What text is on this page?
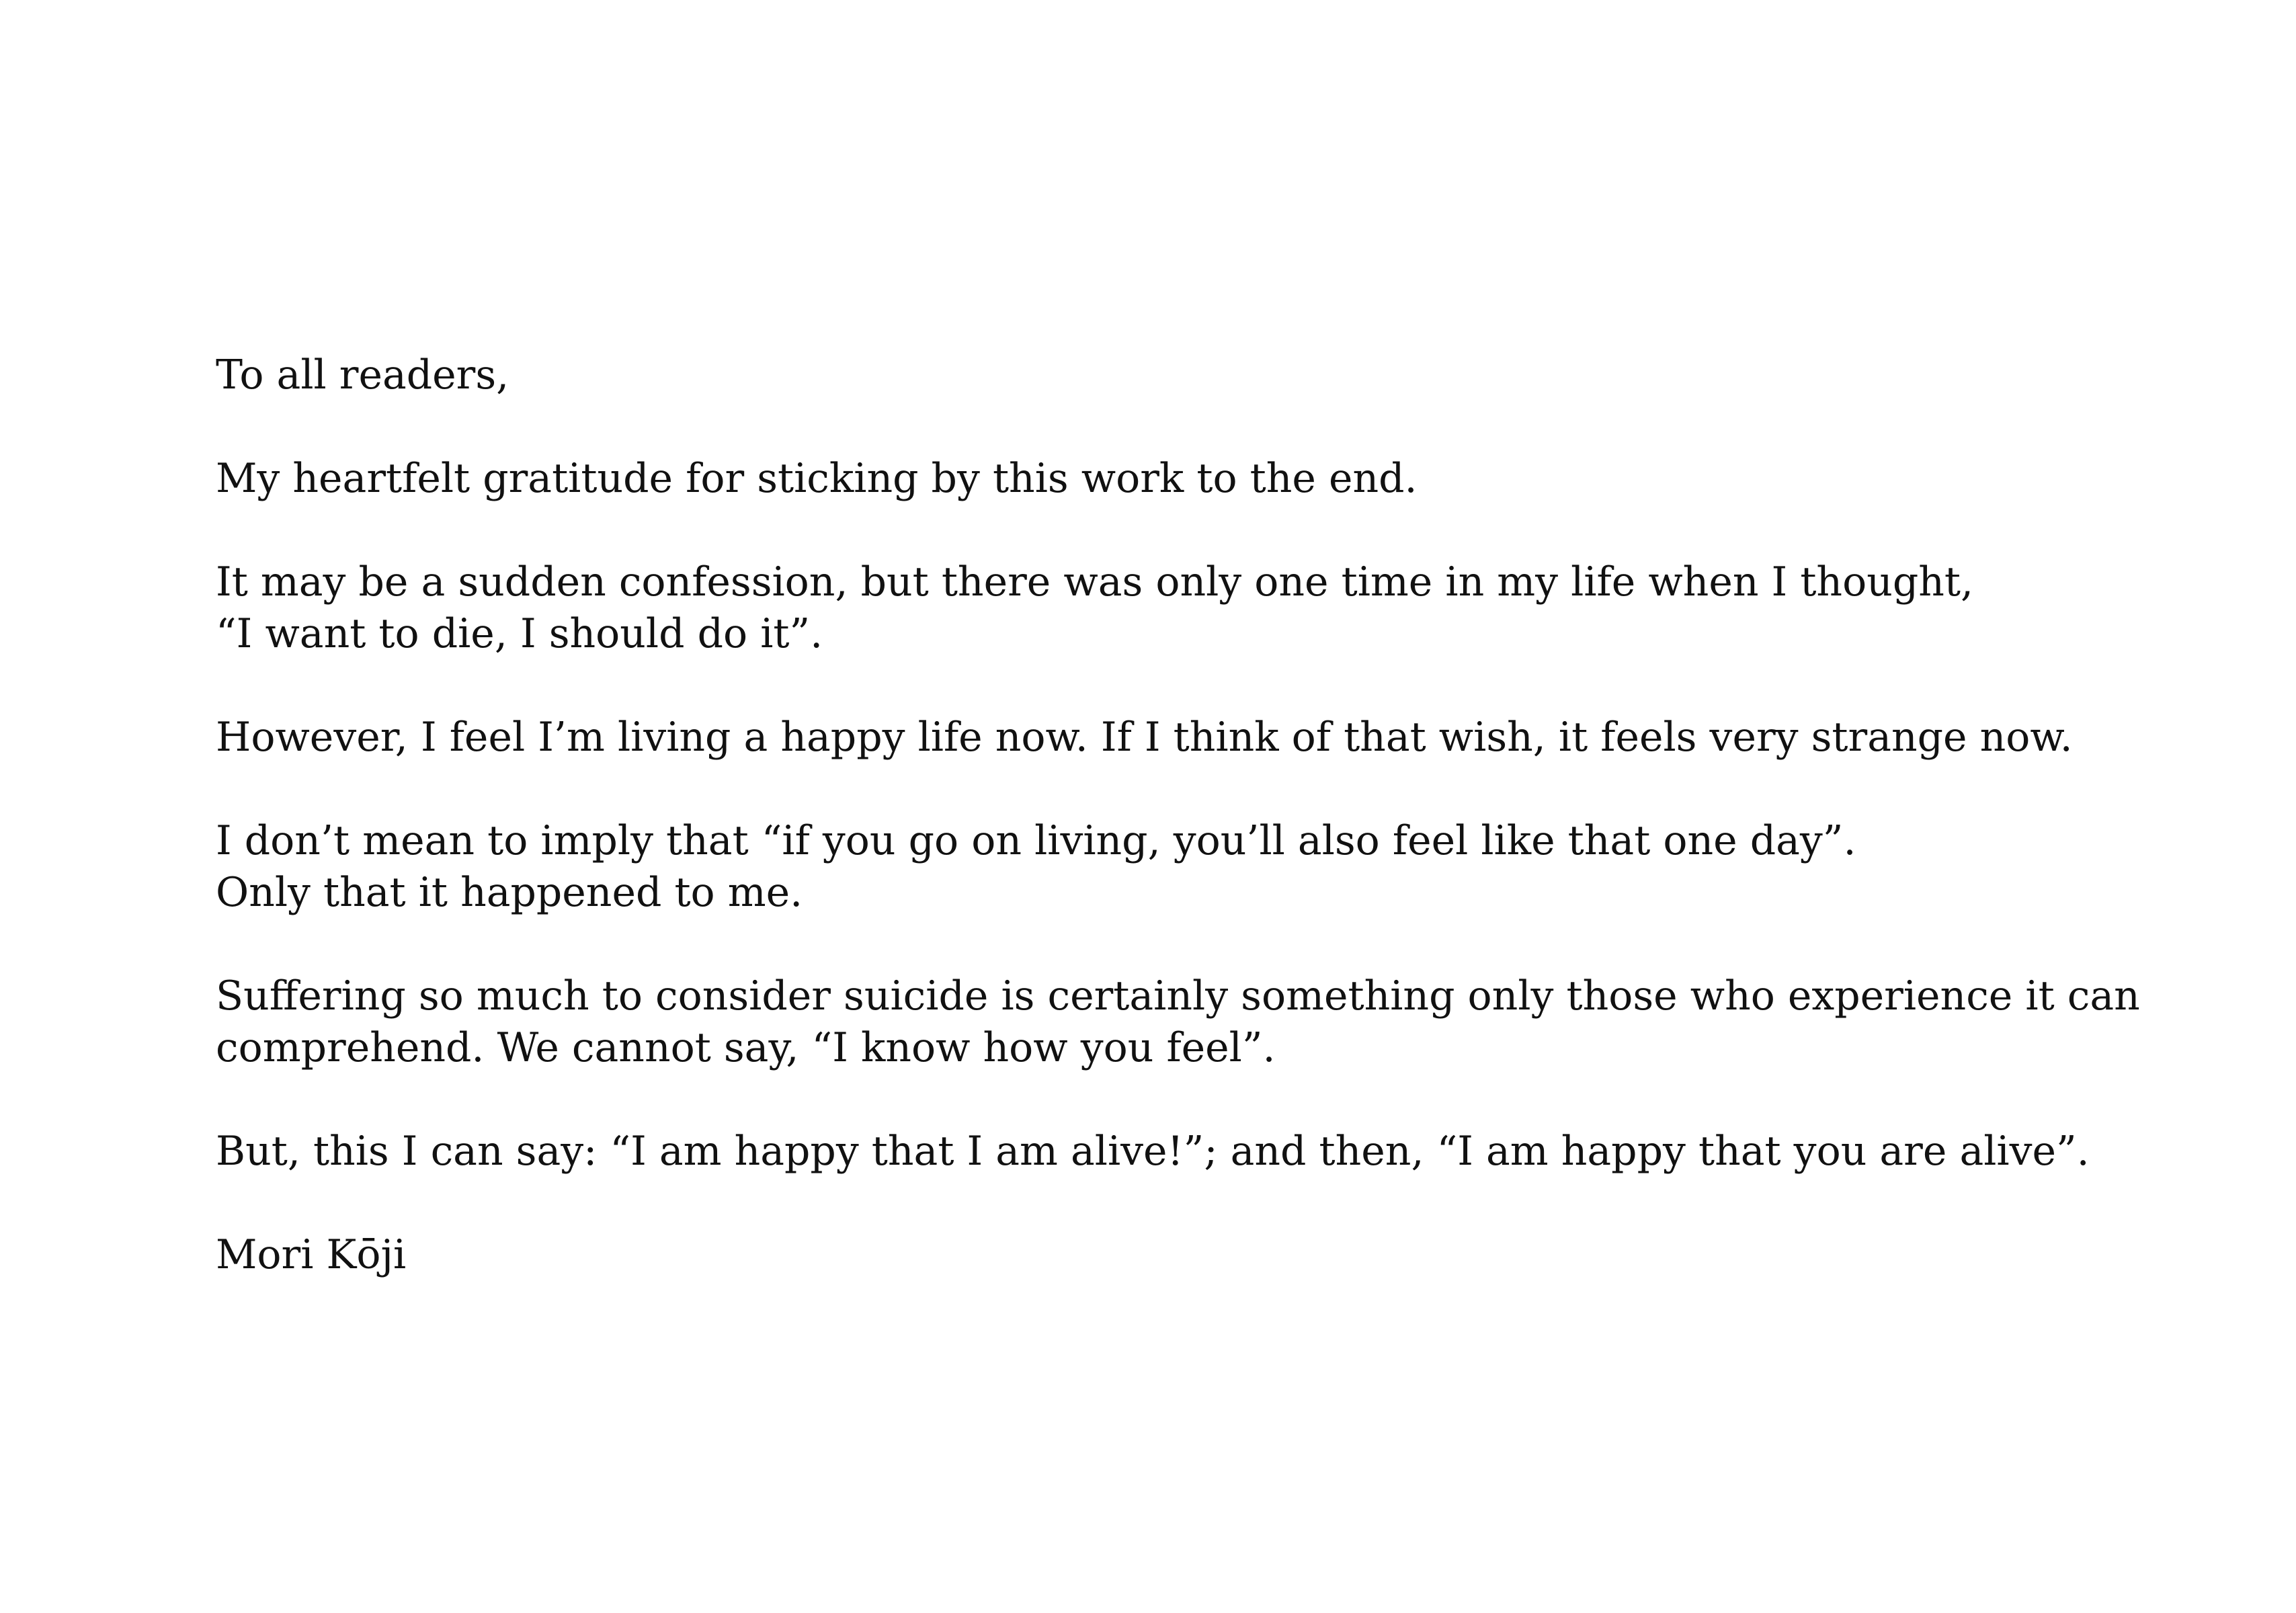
To all readers,

My heartfelt gratitude for sticking by this work to the end.

It may be a sudden confession, but there was only one time in my life when I thought,
“I want to die, I should do it”.

However, I feel I’m living a happy life now. If I think of that wish, it feels very strange now.

I don’t mean to imply that “if you go on living, you’ll also feel like that one day”.
Only that it happened to me.

Suffering so much to consider suicide is certainly something only those who experience it can
comprehend. We cannot say, “I know how you feel”.

But, this I can say: “I am happy that I am alive!”; and then, “I am happy that you are alive”.

Mori Kōji
